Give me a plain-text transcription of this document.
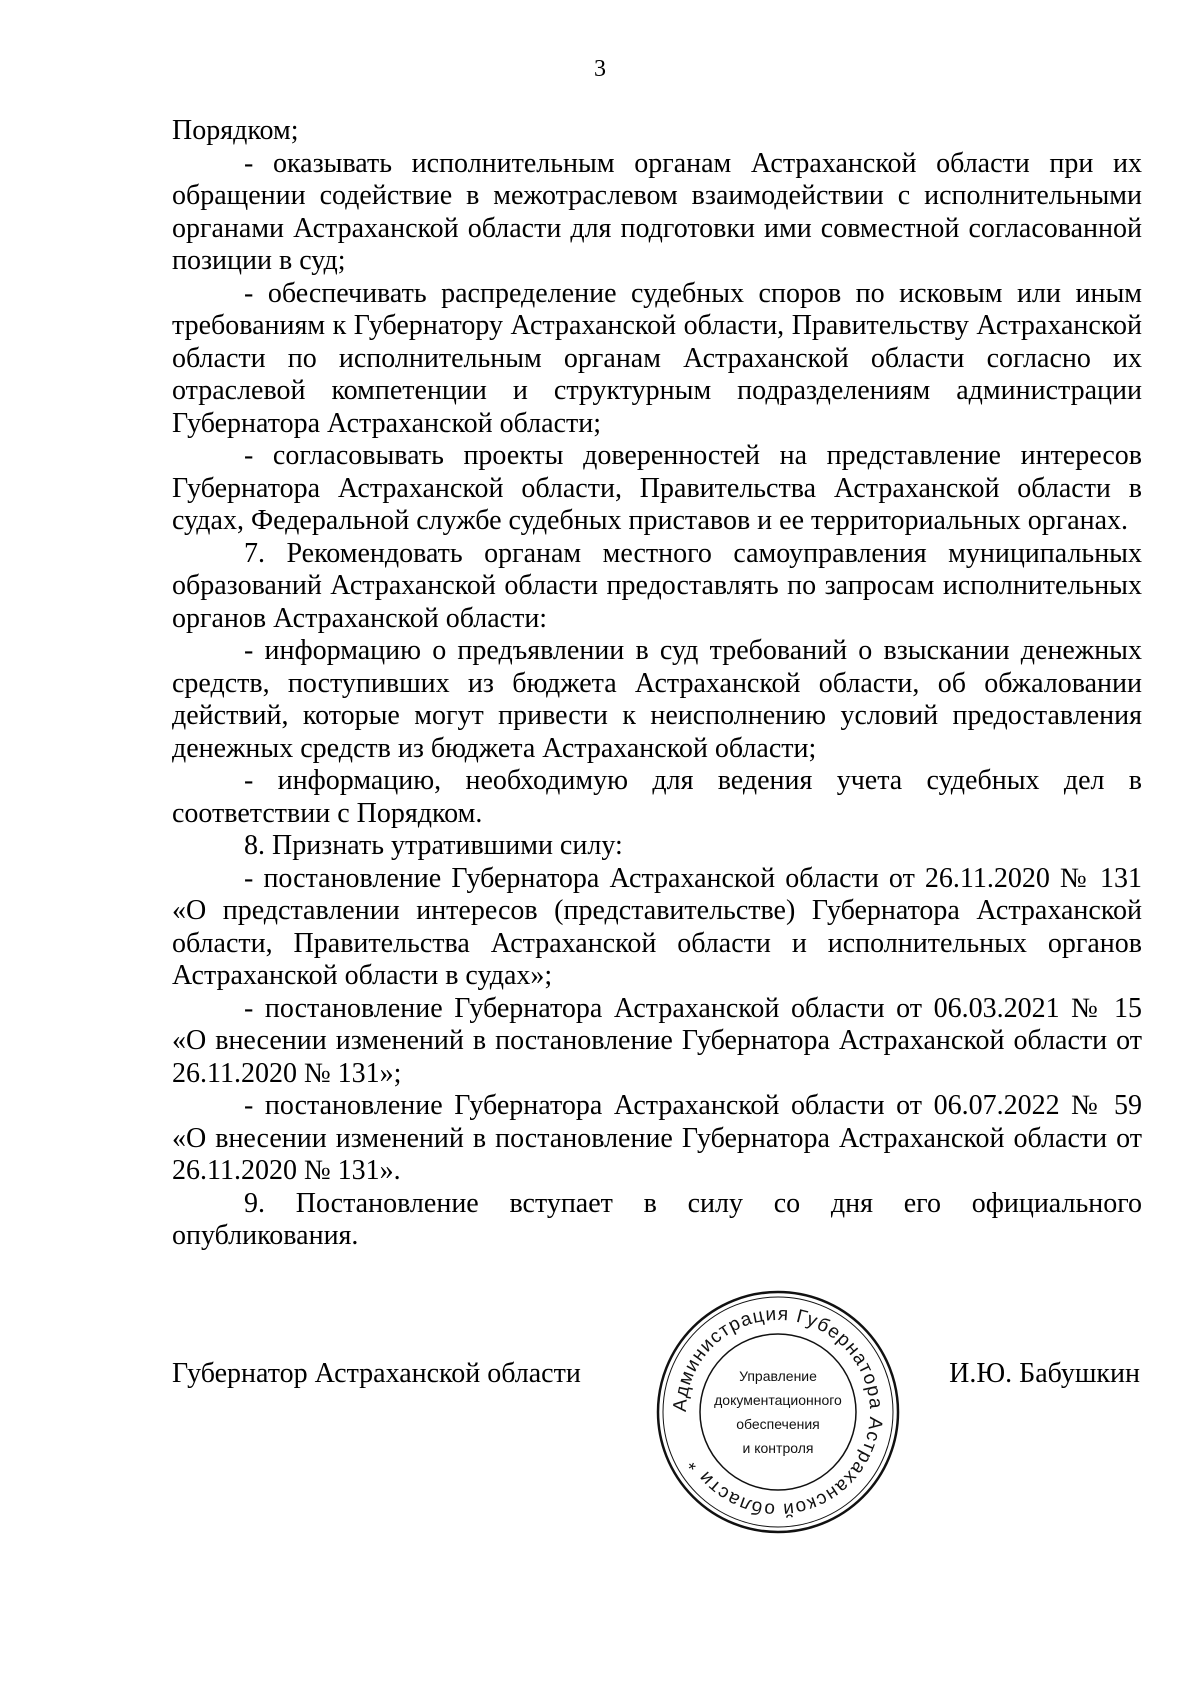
3

Порядком;

- оказывать исполнительным органам Астраханской области при их обращении содействие в межотраслевом взаимодействии с исполнительными органами Астраханской области для подготовки ими совместной согласованной позиции в суд;

- обеспечивать распределение судебных споров по исковым или иным требованиям к Губернатору Астраханской области, Правительству Астраханской области по исполнительным органам Астраханской области согласно их отраслевой компетенции и структурным подразделениям администрации Губернатора Астраханской области;

- согласовывать проекты доверенностей на представление интересов Губернатора Астраханской области, Правительства Астраханской области в судах, Федеральной службе судебных приставов и ее территориальных органах.

7. Рекомендовать органам местного самоуправления муниципальных образований Астраханской области предоставлять по запросам исполнительных органов Астраханской области:

- информацию о предъявлении в суд требований о взыскании денежных средств, поступивших из бюджета Астраханской области, об обжаловании действий, которые могут привести к неисполнению условий предоставления денежных средств из бюджета Астраханской области;

- информацию, необходимую для ведения учета судебных дел в соответствии с Порядком.

8. Признать утратившими силу:

- постановление Губернатора Астраханской области от 26.11.2020 № 131 «О представлении интересов (представительстве) Губернатора Астраханской области, Правительства Астраханской области и исполнительных органов Астраханской области в судах»;

- постановление Губернатора Астраханской области от 06.03.2021 № 15 «О внесении изменений в постановление Губернатора Астраханской области от 26.11.2020 № 131»;

- постановление Губернатора Астраханской области от 06.07.2022 № 59 «О внесении изменений в постановление Губернатора Астраханской области от 26.11.2020 № 131».

9. Постановление вступает в силу со дня его официального опубликования.

Губернатор Астраханской области
Администрация Губернатора Астраханской области *
Управление
документационного
обеспечения
и контроля
И.Ю. Бабушкин
